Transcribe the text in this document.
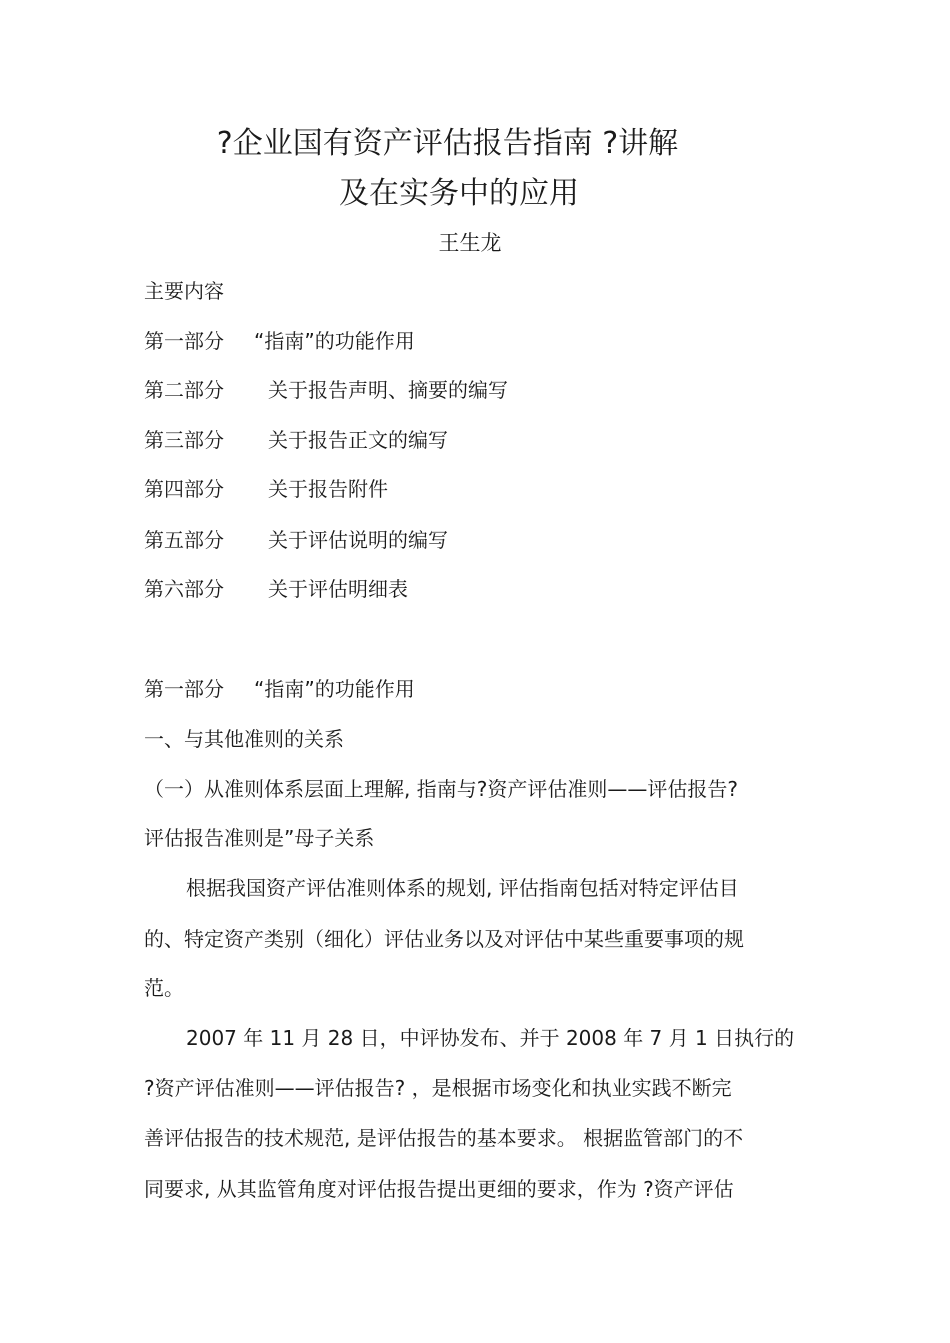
?企业国有资产评估报告指南 ?讲解
及在实务中的应用
王生龙
主要内容
第一部分 “指南”的功能作用
第二部分 关于报告声明、摘要的编写
第三部分 关于报告正文的编写
第四部分 关于报告附件
第五部分 关于评估说明的编写
第六部分 关于评估明细表
第一部分 “指南”的功能作用
一、与其他准则的关系
（一）从准则体系层面上理解, 指南与?资产评估准则——评估报告?
评估报告准则是”母子关系
根据我国资产评估准则体系的规划, 评估指南包括对特定评估目
的、特定资产类别（细化）评估业务以及对评估中某些重要事项的规
范。
2007 年 11 月 28 日，中评协发布、并于 2008 年 7 月 1 日执行的
?资产评估准则——评估报告? ，是根据市场变化和执业实践不断完
善评估报告的技术规范, 是评估报告的基本要求。 根据监管部门的不
同要求, 从其监管角度对评估报告提出更细的要求，作为 ?资产评估
